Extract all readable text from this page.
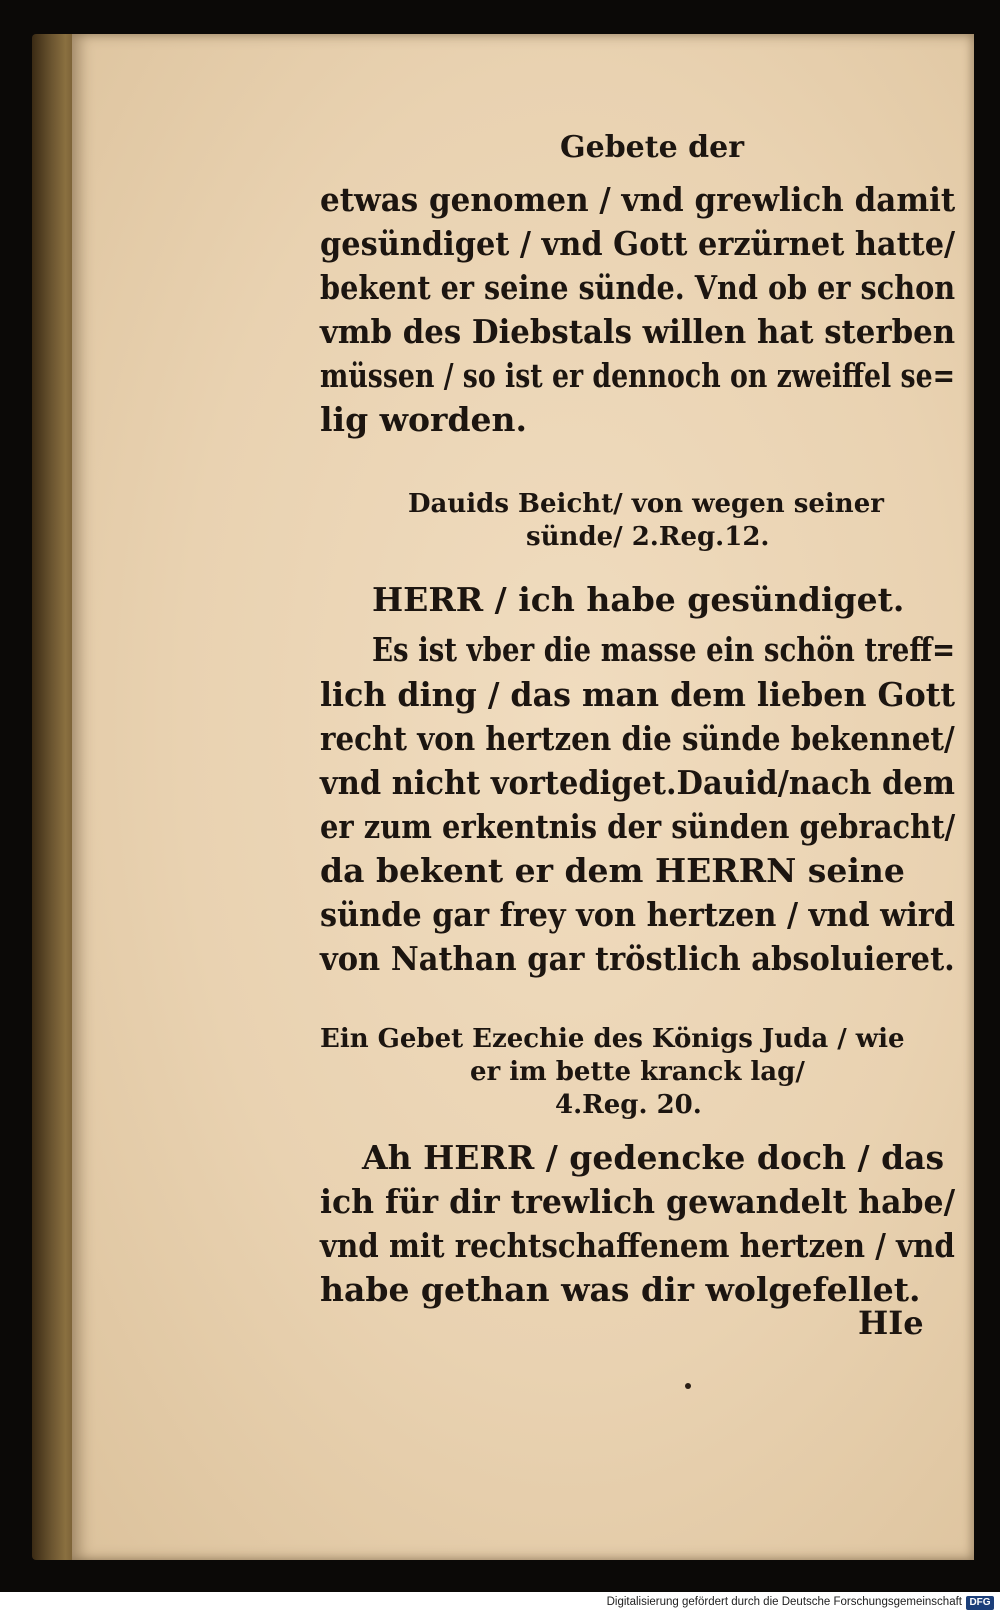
Gebete der

etwas genomen / vnd grewlich damit

gesündiget / vnd Gott erzürnet hatte/

bekent er seine sünde. Vnd ob er schon

vmb des Diebstals willen hat sterben

müssen / so ist er dennoch on zweiffel se=

lig worden.

Dauids Beicht/ von wegen seiner

sünde/ 2.Reg.12.

HERR / ich habe gesündiget.

Es ist vber die masse ein schön treff=

lich ding / das man dem lieben Gott

recht von hertzen die sünde bekennet/

vnd nicht vortediget.Dauid/nach dem

er zum erkentnis der sünden gebracht/

da bekent er dem HERRN seine

sünde gar frey von hertzen / vnd wird

von Nathan gar tröstlich absoluieret.

Ein Gebet Ezechie des Königs Juda / wie

er im bette kranck lag/

4.Reg. 20.

Ah HERR / gedencke doch / das

ich für dir trewlich gewandelt habe/

vnd mit rechtschaffenem hertzen / vnd

habe gethan was dir wolgefellet.

HIe

Digitalisierung gefördert durch die Deutsche Forschungsgemeinschaft DFG
